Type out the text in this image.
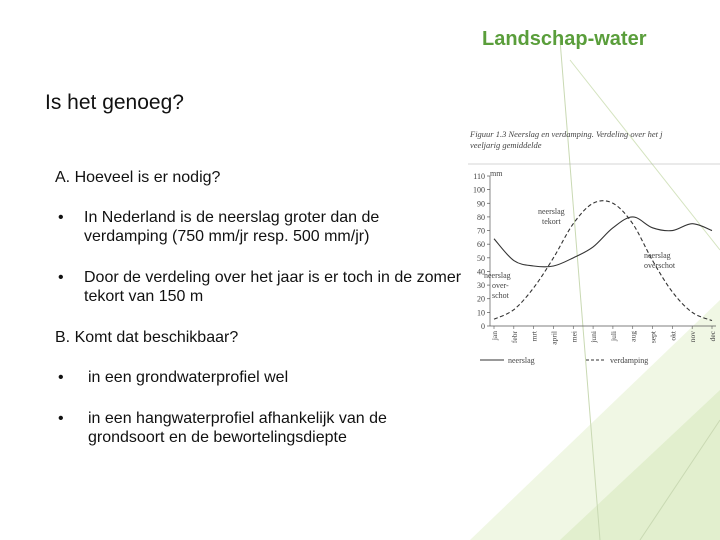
Landschap-water
Is het genoeg?
A. Hoeveel is er nodig?
•	In Nederland is de neerslag groter dan de verdamping (750 mm/jr resp. 500 mm/jr)
•	Door de verdeling over het jaar is er toch in de zomer tekort van 150 m
B. Komt dat beschikbaar?
•	in een grondwaterprofiel wel
•	in een hangwaterprofiel afhankelijk van de grondsoort en de bewortelingsdiepte
Figuur 1.3 Neerslag en verdamping. Verdeling over het j
veeljarig gemiddelde
mm
0
10
20
30
40
50
60
70
80
90
100
110
jan febr mrt april mei juni juli aug sept okt nov dec
neerslag
tekort
neerslag
overschot
neerslag
over-
schot
neerslag	verdamping
